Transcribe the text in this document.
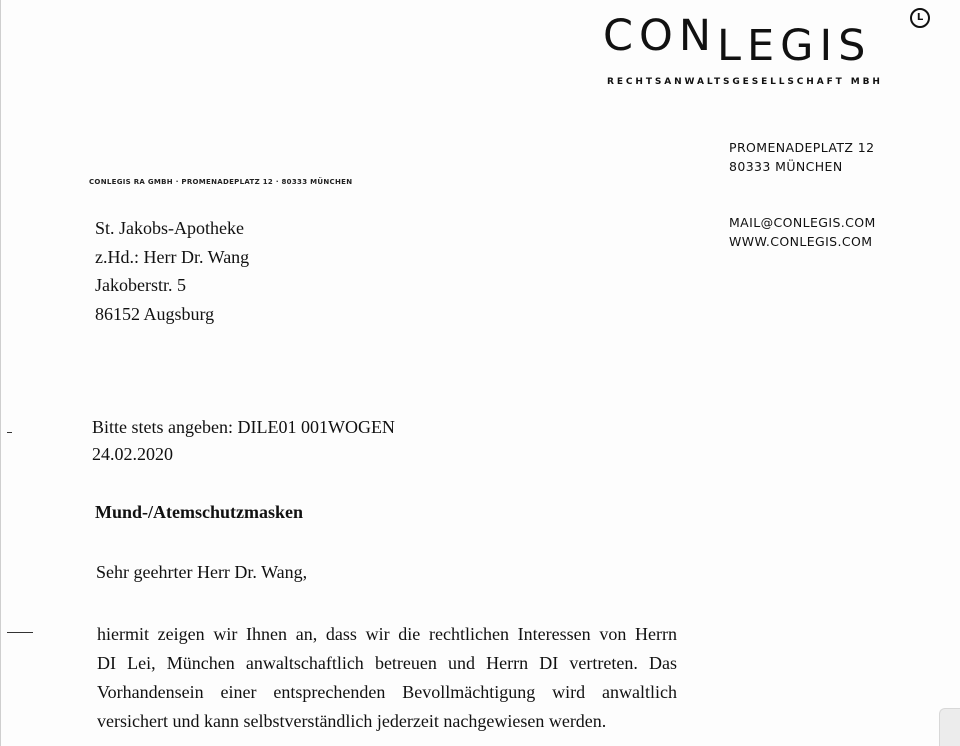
CONLEGIS
L
RECHTSANWALTSGESELLSCHAFT MBH
PROMENADEPLATZ 12
80333 MÜNCHEN
MAIL@CONLEGIS.COM
WWW.CONLEGIS.COM
CONLEGIS RA GMBH · PROMENADEPLATZ 12 · 80333 MÜNCHEN
St. Jakobs-Apotheke
z.Hd.: Herr Dr. Wang
Jakoberstr. 5
86152 Augsburg
Bitte stets angeben: DILE01 001WOGEN
24.02.2020
Mund-/Atemschutzmasken
Sehr geehrter Herr Dr. Wang,
hiermit zeigen wir Ihnen an, dass wir die rechtlichen Interessen von Herrn
DI Lei, München anwaltschaftlich betreuen und Herrn DI vertreten. Das
Vorhandensein einer entsprechenden Bevollmächtigung wird anwaltlich
versichert und kann selbstverständlich jederzeit nachgewiesen werden.
